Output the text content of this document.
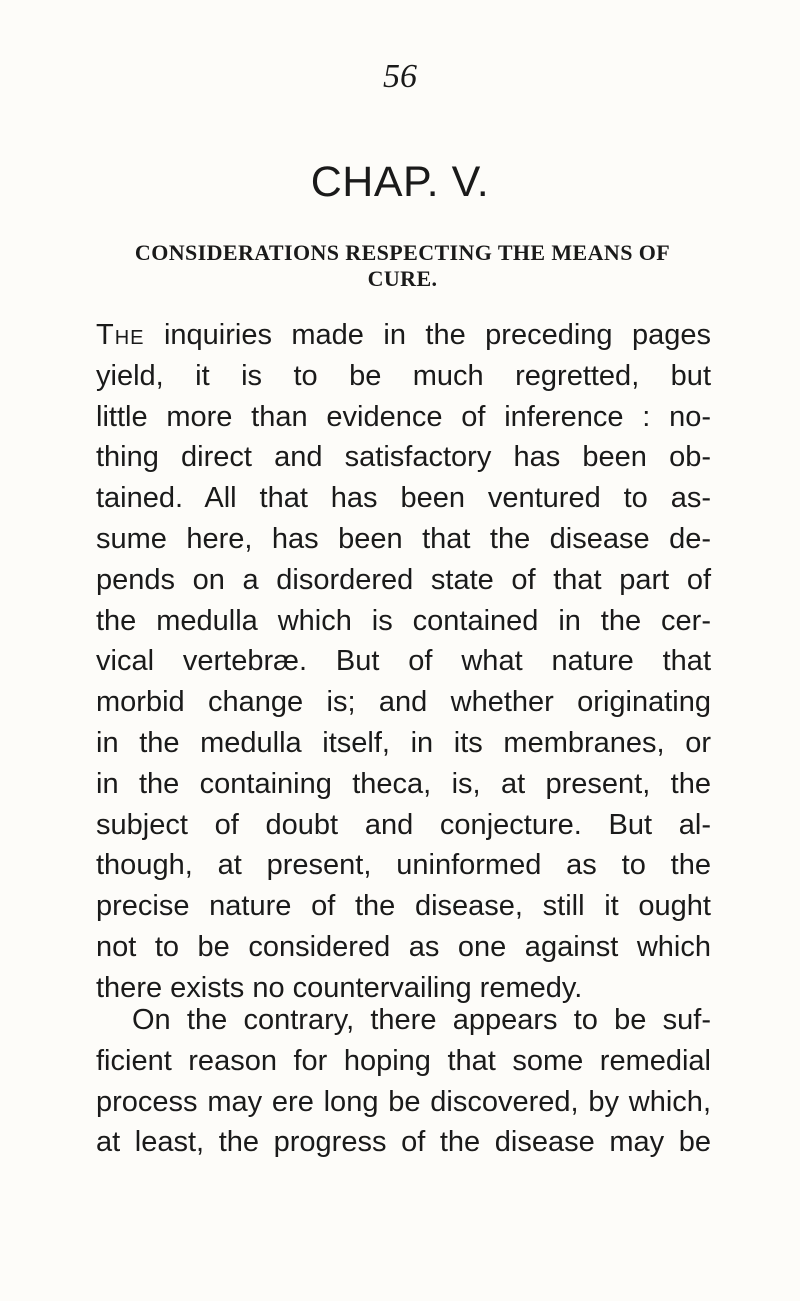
56
CHAP. V.
CONSIDERATIONS RESPECTING THE MEANS OF
CURE.
The inquiries made in the preceding pages
yield, it is to be much regretted, but
little more than evidence of inference : no-
thing direct and satisfactory has been ob-
tained. All that has been ventured to as-
sume here, has been that the disease de-
pends on a disordered state of that part of
the medulla which is contained in the cer-
vical vertebræ. But of what nature that
morbid change is; and whether originating
in the medulla itself, in its membranes, or
in the containing theca, is, at present, the
subject of doubt and conjecture. But al-
though, at present, uninformed as to the
precise nature of the disease, still it ought
not to be considered as one against which
there exists no countervailing remedy.
On the contrary, there appears to be suf-
ficient reason for hoping that some remedial
process may ere long be discovered, by which,
at least, the progress of the disease may be
